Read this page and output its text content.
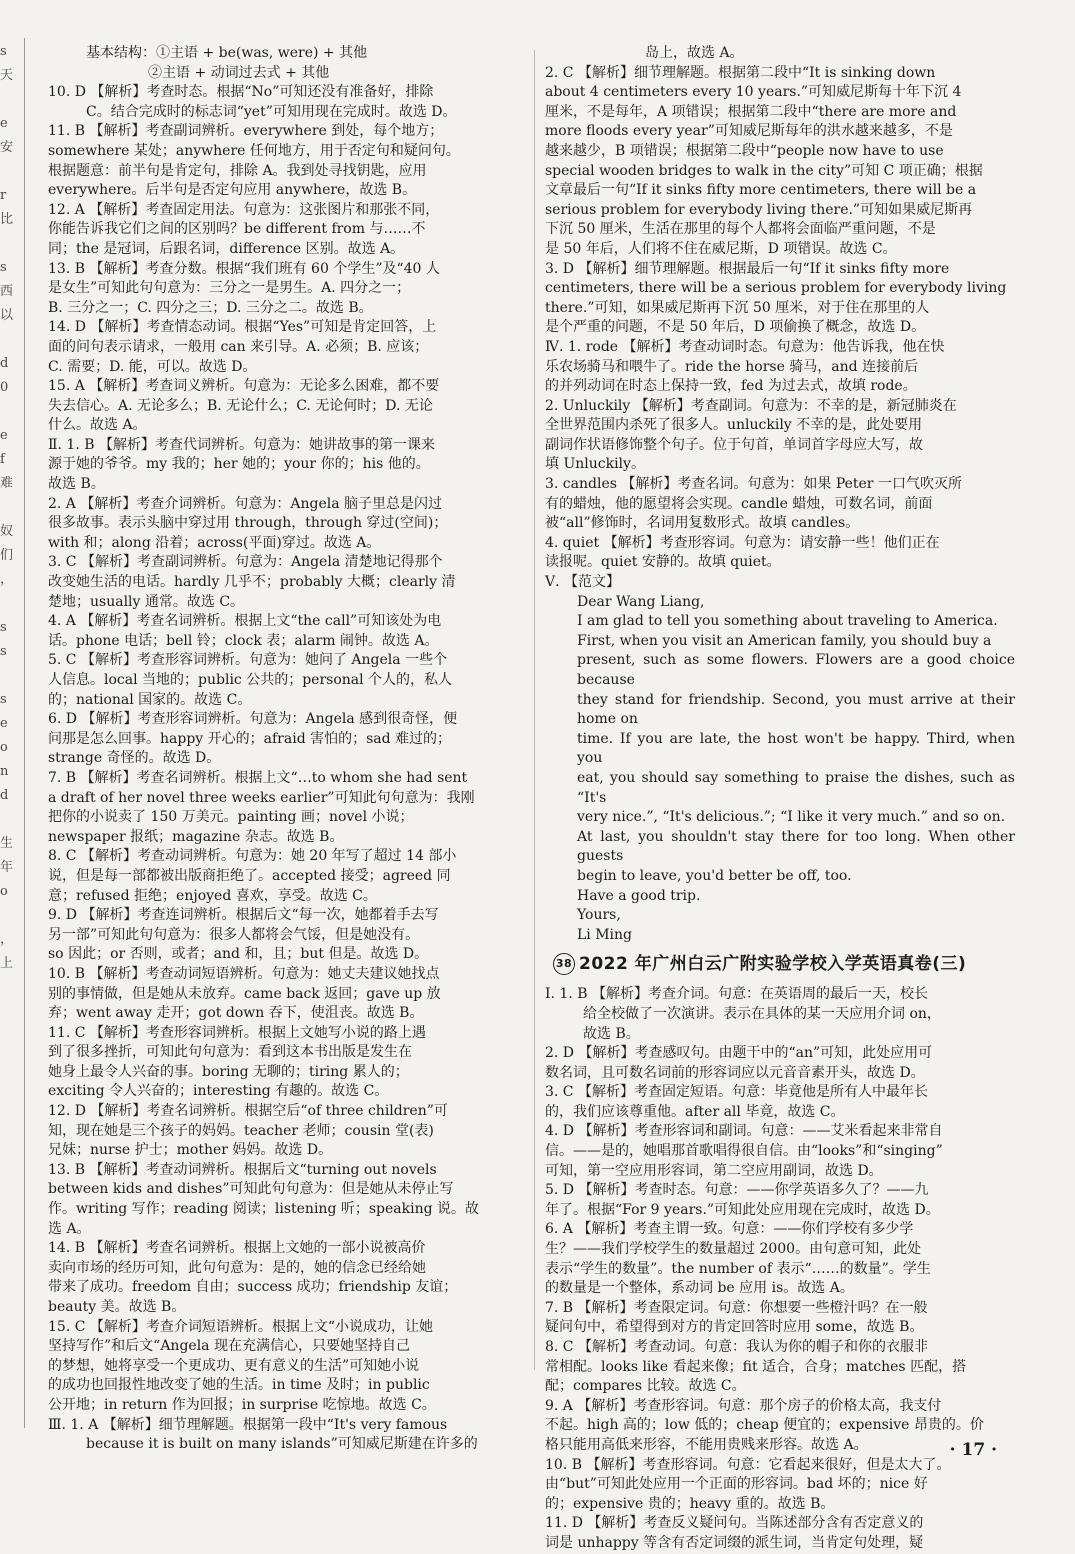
s
天

e
安

r
比

s
西
以

d
0

e
f
难

奴
们
，

s
s

s
e
o
n
d

生
年
o

，
上

基本结构：①主语 + be(was, were) + 其他

②主语 + 动词过去式 + 其他

10. D 【解析】考查时态。根据“No”可知还没有准备好，排除

C。结合完成时的标志词“yet”可知用现在完成时。故选 D。

11. B 【解析】考查副词辨析。everywhere 到处，每个地方；

somewhere 某处；anywhere 任何地方，用于否定句和疑问句。

根据题意：前半句是肯定句，排除 A。我到处寻找钥匙，应用

everywhere。后半句是否定句应用 anywhere，故选 B。

12. A 【解析】考查固定用法。句意为：这张图片和那张不同，

你能告诉我它们之间的区别吗？be different from 与……不

同；the 是冠词，后跟名词，difference 区别。故选 A。

13. B 【解析】考查分数。根据“我们班有 60 个学生”及“40 人

是女生”可知此句句意为：三分之一是男生。A. 四分之一；

B. 三分之一；C. 四分之三；D. 三分之二。故选 B。

14. D 【解析】考查情态动词。根据“Yes”可知是肯定回答，上

面的问句表示请求，一般用 can 来引导。A. 必须；B. 应该；

C. 需要；D. 能，可以。故选 D。

15. A 【解析】考查词义辨析。句意为：无论多么困难，都不要

失去信心。A. 无论多么；B. 无论什么；C. 无论何时；D. 无论

什么。故选 A。

Ⅱ. 1. B 【解析】考查代词辨析。句意为：她讲故事的第一课来

源于她的爷爷。my 我的；her 她的；your 你的；his 他的。

故选 B。

2. A 【解析】考查介词辨析。句意为：Angela 脑子里总是闪过

很多故事。表示头脑中穿过用 through，through 穿过(空间)；

with 和；along 沿着；across(平面)穿过。故选 A。

3. C 【解析】考查副词辨析。句意为：Angela 清楚地记得那个

改变她生活的电话。hardly 几乎不；probably 大概；clearly 清

楚地；usually 通常。故选 C。

4. A 【解析】考查名词辨析。根据上文“the call”可知该处为电

话。phone 电话；bell 铃；clock 表；alarm 闹钟。故选 A。

5. C 【解析】考查形容词辨析。句意为：她问了 Angela 一些个

人信息。local 当地的；public 公共的；personal 个人的，私人

的；national 国家的。故选 C。

6. D 【解析】考查形容词辨析。句意为：Angela 感到很奇怪，便

问那是怎么回事。happy 开心的；afraid 害怕的；sad 难过的；

strange 奇怪的。故选 D。

7. B 【解析】考查名词辨析。根据上文“…to whom she had sent

a draft of her novel three weeks earlier”可知此句句意为：我刚

把你的小说卖了 150 万美元。painting 画；novel 小说；

newspaper 报纸；magazine 杂志。故选 B。

8. C 【解析】考查动词辨析。句意为：她 20 年写了超过 14 部小

说，但是每一部都被出版商拒绝了。accepted 接受；agreed 同

意；refused 拒绝；enjoyed 喜欢，享受。故选 C。

9. D 【解析】考查连词辨析。根据后文“每一次，她都着手去写

另一部”可知此句句意为：很多人都将会气馁，但是她没有。

so 因此；or 否则，或者；and 和，且；but 但是。故选 D。

10. B 【解析】考查动词短语辨析。句意为：她丈夫建议她找点

别的事情做，但是她从未放弃。came back 返回；gave up 放

弃；went away 走开；got down 吞下，使沮丧。故选 B。

11. C 【解析】考查形容词辨析。根据上文她写小说的路上遇

到了很多挫折，可知此句句意为：看到这本书出版是发生在

她身上最令人兴奋的事。boring 无聊的；tiring 累人的；

exciting 令人兴奋的；interesting 有趣的。故选 C。

12. D 【解析】考查名词辨析。根据空后“of three children”可

知，现在她是三个孩子的妈妈。teacher 老师；cousin 堂(表)

兄妹；nurse 护士；mother 妈妈。故选 D。

13. B 【解析】考查动词辨析。根据后文“turning out novels

between kids and dishes”可知此句句意为：但是她从未停止写

作。writing 写作；reading 阅读；listening 听；speaking 说。故

选 A。

14. B 【解析】考查名词辨析。根据上文她的一部小说被高价

卖向市场的经历可知，此句句意为：是的，她的信念已经给她

带来了成功。freedom 自由；success 成功；friendship 友谊；

beauty 美。故选 B。

15. C 【解析】考查介词短语辨析。根据上文“小说成功，让她

坚持写作”和后文“Angela 现在充满信心，只要她坚持自己

的梦想，她将享受一个更成功、更有意义的生活”可知她小说

的成功也回报性地改变了她的生活。in time 及时；in public

公开地；in return 作为回报；in surprise 吃惊地。故选 C。

Ⅲ. 1. A 【解析】细节理解题。根据第一段中“It's very famous

because it is built on many islands”可知威尼斯建在许多的

岛上，故选 A。

2. C 【解析】细节理解题。根据第二段中“It is sinking down

about 4 centimeters every 10 years.”可知威尼斯每十年下沉 4

厘米，不是每年，A 项错误；根据第二段中“there are more and

more floods every year”可知威尼斯每年的洪水越来越多，不是

越来越少，B 项错误；根据第二段中“people now have to use

special wooden bridges to walk in the city”可知 C 项正确；根据

文章最后一句“If it sinks fifty more centimeters, there will be a

serious problem for everybody living there.”可知如果威尼斯再

下沉 50 厘米，生活在那里的每个人都将会面临严重问题，不是

是 50 年后，人们将不住在威尼斯，D 项错误。故选 C。

3. D 【解析】细节理解题。根据最后一句“If it sinks fifty more

centimeters, there will be a serious problem for everybody living

there.”可知，如果威尼斯再下沉 50 厘米，对于住在那里的人

是个严重的问题，不是 50 年后，D 项偷换了概念，故选 D。

Ⅳ. 1. rode 【解析】考查动词时态。句意为：他告诉我，他在快

乐农场骑马和喂牛了。ride the horse 骑马，and 连接前后

的并列动词在时态上保持一致，fed 为过去式，故填 rode。

2. Unluckily 【解析】考查副词。句意为：不幸的是，新冠肺炎在

全世界范围内杀死了很多人。unluckily 不幸的是，此处要用

副词作状语修饰整个句子。位于句首，单词首字母应大写，故

填 Unluckily。

3. candles 【解析】考查名词。句意为：如果 Peter 一口气吹灭所

有的蜡烛，他的愿望将会实现。candle 蜡烛，可数名词，前面

被“all”修饰时，名词用复数形式。故填 candles。

4. quiet 【解析】考查形容词。句意为：请安静一些！他们正在

读报呢。quiet 安静的。故填 quiet。

Ⅴ. 【范文】

Dear Wang Liang,

I am glad to tell you something about traveling to America.

First, when you visit an American family, you should buy a

present, such as some flowers. Flowers are a good choice because

they stand for friendship. Second, you must arrive at their home on

time. If you are late, the host won't be happy. Third, when you

eat, you should say something to praise the dishes, such as “It's

very nice.”, “It's delicious.”; “I like it very much.” and so on.

At last, you shouldn't stay there for too long. When other guests

begin to leave, you'd better be off, too.

Have a good trip.

Yours,

Li Ming

38 2022 年广州白云广附实验学校入学英语真卷(三)

Ⅰ. 1. B 【解析】考查介词。句意：在英语周的最后一天，校长

给全校做了一次演讲。表示在具体的某一天应用介词 on，

故选 B。

2. D 【解析】考查感叹句。由题干中的“an”可知，此处应用可

数名词，且可数名词前的形容词应以元音音素开头，故选 D。

3. C 【解析】考查固定短语。句意：毕竟他是所有人中最年长

的，我们应该尊重他。after all 毕竟，故选 C。

4. D 【解析】考查形容词和副词。句意：——艾米看起来非常自

信。——是的，她唱那首歌唱得很自信。由“looks”和“singing”

可知，第一空应用形容词，第二空应用副词，故选 D。

5. D 【解析】考查时态。句意：——你学英语多久了？——九

年了。根据“For 9 years.”可知此处应用现在完成时，故选 D。

6. A 【解析】考查主谓一致。句意：——你们学校有多少学

生？——我们学校学生的数量超过 2000。由句意可知，此处

表示“学生的数量”。the number of 表示“……的数量”。学生

的数量是一个整体，系动词 be 应用 is。故选 A。

7. B 【解析】考查限定词。句意：你想要一些橙汁吗？在一般

疑问句中，希望得到对方的肯定回答时应用 some，故选 B。

8. C 【解析】考查动词。句意：我认为你的帽子和你的衣服非

常相配。looks like 看起来像；fit 适合，合身；matches 匹配，搭

配；compares 比较。故选 C。

9. A 【解析】考查形容词。句意：那个房子的价格太高，我支付

不起。high 高的；low 低的；cheap 便宜的；expensive 昂贵的。价

格只能用高低来形容，不能用贵贱来形容。故选 A。

10. B 【解析】考查形容词。句意：它看起来很好，但是太大了。

由“but”可知此处应用一个正面的形容词。bad 坏的；nice 好

的；expensive 贵的；heavy 重的。故选 B。

11. D 【解析】考查反义疑问句。当陈述部分含有否定意义的

词是 unhappy 等含有否定词缀的派生词，当肯定句处理，疑

· 17 ·
